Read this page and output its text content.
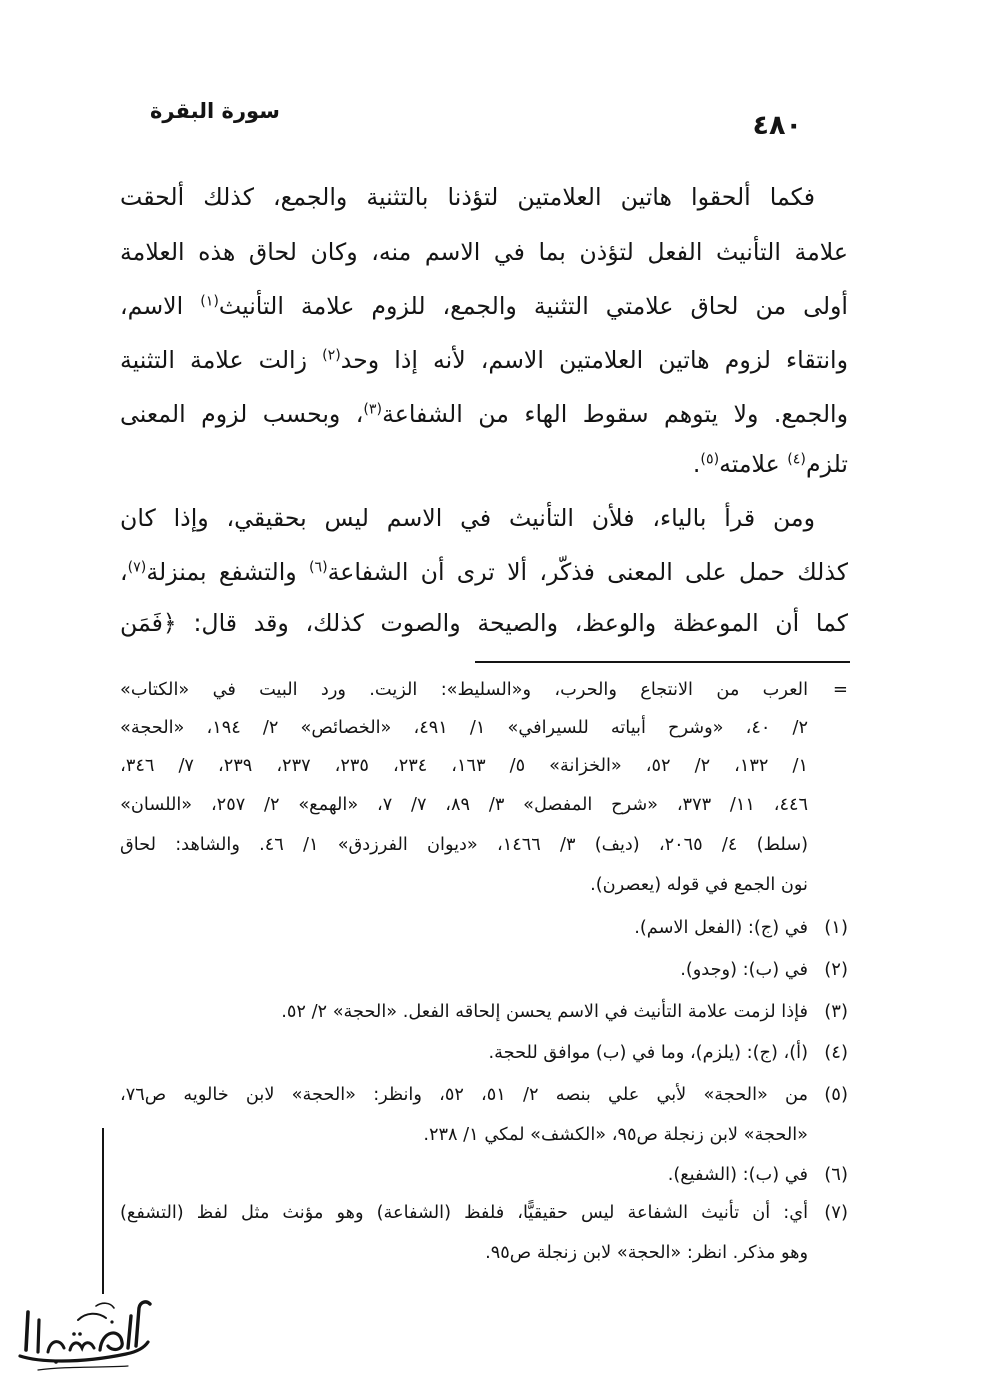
سورة البقرة	٤٨٠
فكما ألحقوا هاتين العلامتين لتؤذنا بالتثنية والجمع، كذلك ألحقت
علامة التأنيث الفعل لتؤذن بما في الاسم منه، وكان لحاق هذه العلامة
أولى من لحاق علامتي التثنية والجمع، للزوم علامة التأنيث$^{(١)}$ الاسم،
وانتقاء لزوم هاتين العلامتين الاسم، لأنه إذا وحد$^{(٢)}$ زالت علامة التثنية
والجمع. ولا يتوهم سقوط الهاء من الشفاعة$^{(٣)}$، وبحسب لزوم المعنى
تلزم$^{(٤)}$ علامته$^{(٥)}$.
ومن قرأ بالياء، فلأن التأنيث في الاسم ليس بحقيقي، وإذا كان
كذلك حمل على المعنى فذكّر، ألا ترى أن الشفاعة$^{(٦)}$ والتشفع بمنزلة$^{(٧)}$،
كما أن الموعظة والوعظ، والصيحة والصوت كذلك، وقد قال: ﴿فَمَن
=
العرب من الانتجاع والحرب، و«السليط»: الزيت. ورد البيت في «الكتاب»
٢/ ٤٠، «وشرح أبياته للسيرافي» ١/ ٤٩١، «الخصائص» ٢/ ١٩٤، «الحجة»
١/ ١٣٢، ٢/ ٥٢، «الخزانة» ٥/ ١٦٣، ٢٣٤، ٢٣٥، ٢٣٧، ٢٣٩، ٧/ ٣٤٦،
٤٤٦، ١١/ ٣٧٣، «شرح المفصل» ٣/ ٨٩، ٧/ ٧، «الهمع» ٢/ ٢٥٧، «اللسان»
(سلط) ٤/ ٢٠٦٥، (ديف) ٣/ ١٤٦٦، «ديوان الفرزدق» ١/ ٤٦. والشاهد: لحاق
نون الجمع في قوله (يعصرن).
(١)
في (ج): (الفعل الاسم).
(٢)
في (ب): (وجدو).
(٣)
فإذا لزمت علامة التأنيث في الاسم يحسن إلحاقه الفعل. «الحجة» ٢/ ٥٢.
(٤)
(أ)، (ج): (يلزم)، وما في (ب) موافق للحجة.
(٥)
من «الحجة» لأبي علي بنصه ٢/ ٥١، ٥٢، وانظر: «الحجة» لابن خالويه ص٧٦،
«الحجة» لابن زنجلة ص٩٥، «الكشف» لمكي ١/ ٢٣٨.
(٦)
في (ب): (الشفيع).
(٧)
أي: أن تأنيث الشفاعة ليس حقيقيًّا، فلفظ (الشفاعة) وهو مؤنث مثل لفظ (التشفع)
وهو مذكر. انظر: «الحجة» لابن زنجلة ص٩٥.
